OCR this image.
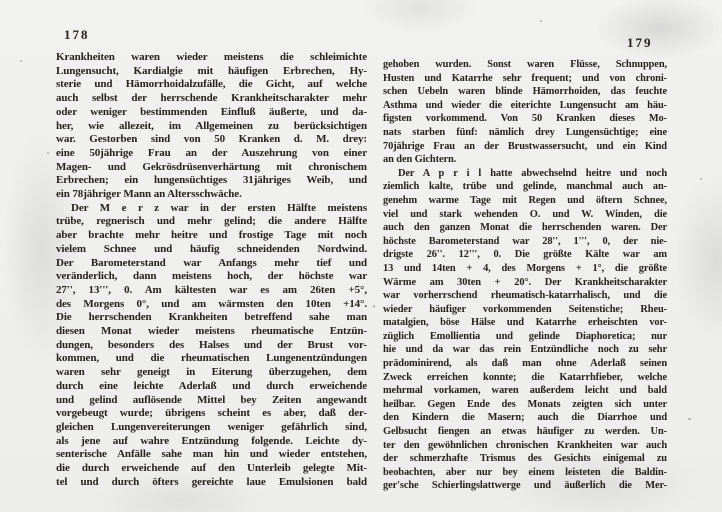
178
179
Krankheiten waren wieder meistens die schleimichte
Lungensucht, Kardialgie mit häufigen Erbrechen, Hy-
sterie und Hämorrhoidalzufälle, die Gicht, auf welche
auch selbst der herrschende Krankheitscharakter mehr
oder weniger bestimmenden Einfluß äußerte, und da-
her, wie allezeit, im Allgemeinen zu berücksichtigen
war. Gestorben sind von 50 Kranken d. M. drey:
eine 50jährige Frau an der Auszehrung von einer
Magen- und Gekrösdrüsenverhärtung mit chronischem
Erbrechen; ein lungensüchtiges 31jähriges Weib, und
ein 78jähriger Mann an Altersschwäche.
Der M e r z war in der ersten Hälfte meistens
trübe, regnerisch und mehr gelind; die andere Hälfte
aber brachte mehr heitre und frostige Tage mit noch
vielem Schnee und häufig schneidenden Nordwind.
Der Barometerstand war Anfangs mehr tief und
veränderlich, dann meistens hoch, der höchste war
27'', 13''', 0. Am kältesten war es am 26ten +5°,
des Morgens 0°, und am wärmsten den 10ten +14°.
Die herrschenden Krankheiten betreffend sahe man
diesen Monat wieder meistens rheumatische Entzün-
dungen, besonders des Halses und der Brust vor-
kommen, und die rheumatischen Lungenentzündungen
waren sehr geneigt in Eiterung überzugehen, dem
durch eine leichte Aderlaß und durch erweichende
und gelind auflösende Mittel bey Zeiten angewandt
vorgebeugt wurde; übrigens scheint es aber, daß der-
gleichen Lungenvereiterungen weniger gefährlich sind,
als jene auf wahre Entzündung folgende. Leichte dy-
senterische Anfälle sahe man hin und wieder entstehen,
die durch erweichende auf den Unterleib gelegte Mit-
tel und durch öfters gereichte laue Emulsionen bald
gehoben wurden. Sonst waren Flüsse, Schnuppen,
Husten und Katarrhe sehr frequent; und von chroni-
schen Uebeln waren blinde Hämorrhoiden, das feuchte
Asthma und wieder die eiterichte Lungensucht am häu-
figsten vorkommend. Von 50 Kranken dieses Mo-
nats starben fünf: nämlich drey Lungensüchtige; eine
70jährige Frau an der Brustwassersucht, und ein Kind
an den Gichtern.
Der A p r i l hatte abwechselnd heitre und noch
ziemlich kalte, trübe und gelinde, manchmal auch an-
genehm warme Tage mit Regen und öftern Schnee,
viel und stark wehenden O. und W. Winden, die
auch den ganzen Monat die herrschenden waren. Der
höchste Barometerstand war 28'', 1''', 0, der nie-
drigste 26''. 12''', 0. Die größte Kälte war am
13 und 14ten + 4, des Morgens + 1°, die größte
Wärme am 30ten + 20°. Der Krankheitscharakter
war vorherrschend rheumatisch-katarrhalisch, und die
wieder häufiger vorkommenden Seitenstiche; Rheu-
matalgien, böse Hälse und Katarrhe erheischten vor-
züglich Emollientia und gelinde Diaphoretica; nur
hie und da war das rein Entzündliche noch zu sehr
prädominirend, als daß man ohne Aderlaß seinen
Zweck erreichen konnte; die Katarrhfieber, welche
mehrmal vorkamen, waren außerdem leicht und bald
heilbar. Gegen Ende des Monats zeigten sich unter
den Kindern die Masern; auch die Diarrhoe und
Gelbsucht fiengen an etwas häufiger zu werden. Un-
ter den gewöhnlichen chronischen Krankheiten war auch
der schmerzhafte Trismus des Gesichts einigemal zu
beobachten, aber nur bey einem leisteten die Baldin-
ger'sche Schierlingslattwerge und äußerlich die Mer-
